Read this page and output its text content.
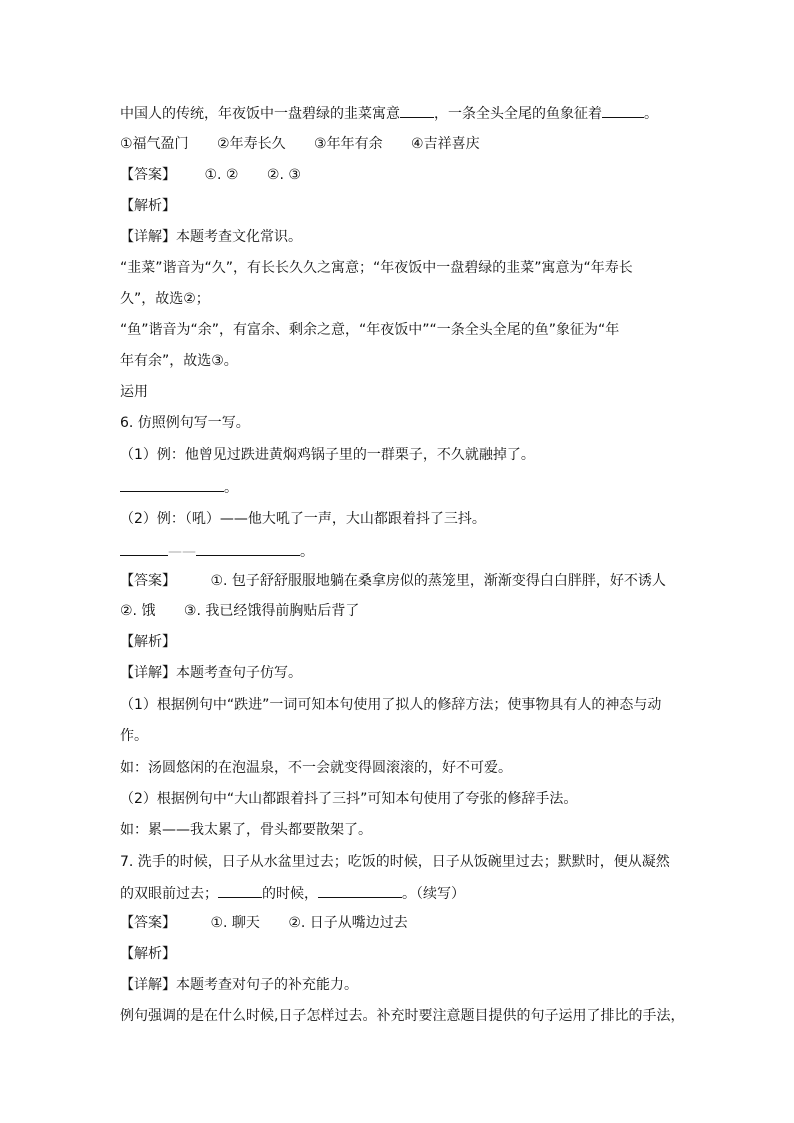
中国人的传统，年夜饭中一盘碧绿的韭菜寓意 ，一条全头全尾的鱼象征着	。
①福气盈门 ②年寿长久 ③年年有余 ④吉祥喜庆
【答案】 ①. ② ②. ③
【解析】
【详解】本题考查文化常识。
“韭菜”谐音为“久”，有长长久久之寓意；“年夜饭中一盘碧绿的韭菜”寓意为“年寿长
久”，故选②；
“鱼”谐音为“余”，有富余、剩余之意，“年夜饭中”“一条全头全尾的鱼”象征为“年
年有余”，故选③。
运用
6. 仿照例句写一写。
（1）例：他曾见过跌进黄焖鸡锅子里的一群栗子，不久就融掉了。
。
（2）例：（吼）——他大吼了一声，大山都跟着抖了三抖。
——	。
【答案】 ①. 包子舒舒服服地躺在桑拿房似的蒸笼里，渐渐变得白白胖胖，好不诱人
②. 饿 ③. 我已经饿得前胸贴后背了
【解析】
【详解】本题考查句子仿写。
（1）根据例句中“跌进”一词可知本句使用了拟人的修辞方法；使事物具有人的神态与动
作。
如：汤圆悠闲的在泡温泉，不一会就变得圆滚滚的，好不可爱。
（2）根据例句中“大山都跟着抖了三抖”可知本句使用了夸张的修辞手法。
如：累——我太累了，骨头都要散架了。
7. 洗手的时候，日子从水盆里过去；吃饭的时候，日子从饭碗里过去；默默时，便从凝然
的双眼前过去；	的时候，	。（续写）
【答案】 ①. 聊天 ②. 日子从嘴边过去
【解析】
【详解】本题考查对句子的补充能力。
例句强调的是在什么时候,日子怎样过去。补充时要注意题目提供的句子运用了排比的手法，
